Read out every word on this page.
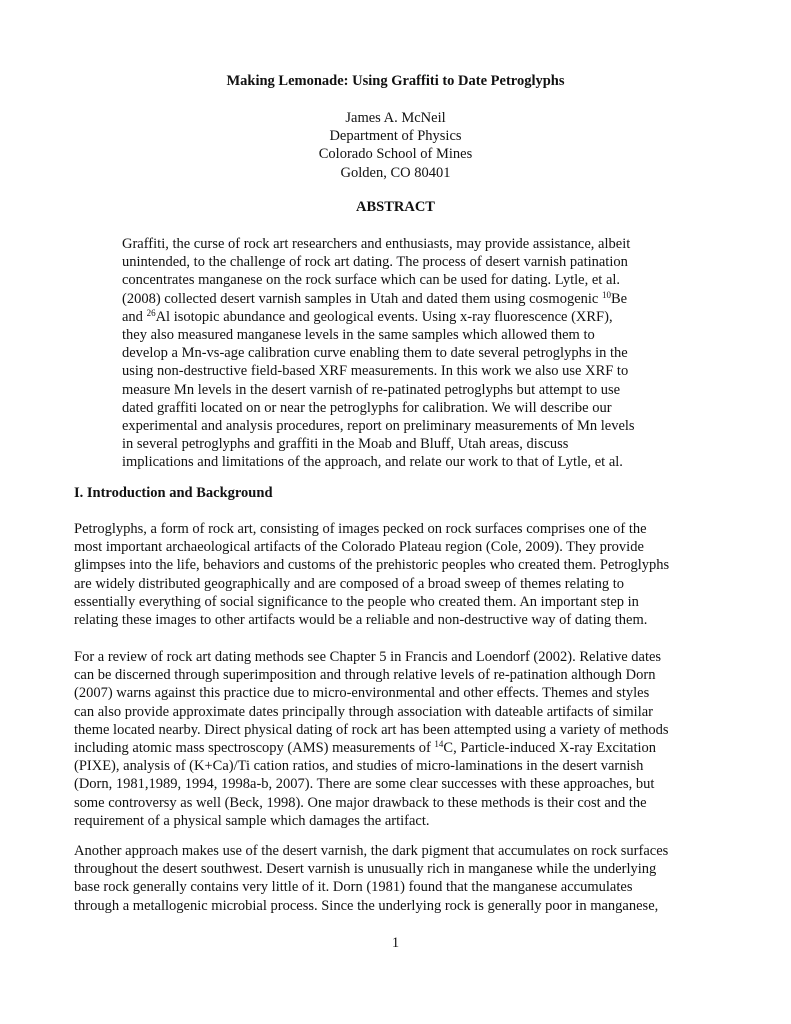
Making Lemonade: Using Graffiti to Date Petroglyphs
James A. McNeil
Department of Physics
Colorado School of Mines
Golden, CO 80401
ABSTRACT
Graffiti, the curse of rock art researchers and enthusiasts, may provide assistance, albeit
unintended, to the challenge of rock art dating. The process of desert varnish patination
concentrates manganese on the rock surface which can be used for dating. Lytle, et al.
(2008) collected desert varnish samples in Utah and dated them using cosmogenic $^{10}$Be
and $^{26}$Al isotopic abundance and geological events. Using x-ray fluorescence (XRF),
they also measured manganese levels in the same samples which allowed them to
develop a Mn-vs-age calibration curve enabling them to date several petroglyphs in the
using non-destructive field-based XRF measurements. In this work we also use XRF to
measure Mn levels in the desert varnish of re-patinated petroglyphs but attempt to use
dated graffiti located on or near the petroglyphs for calibration. We will describe our
experimental and analysis procedures, report on preliminary measurements of Mn levels
in several petroglyphs and graffiti in the Moab and Bluff, Utah areas, discuss
implications and limitations of the approach, and relate our work to that of Lytle, et al.
I. Introduction and Background
Petroglyphs, a form of rock art, consisting of images pecked on rock surfaces comprises one of the
most important archaeological artifacts of the Colorado Plateau region (Cole, 2009). They provide
glimpses into the life, behaviors and customs of the prehistoric peoples who created them. Petroglyphs
are widely distributed geographically and are composed of a broad sweep of themes relating to
essentially everything of social significance to the people who created them. An important step in
relating these images to other artifacts would be a reliable and non-destructive way of dating them.
For a review of rock art dating methods see Chapter 5 in Francis and Loendorf (2002). Relative dates
can be discerned through superimposition and through relative levels of re-patination although Dorn
(2007) warns against this practice due to micro-environmental and other effects. Themes and styles
can also provide approximate dates principally through association with dateable artifacts of similar
theme located nearby. Direct physical dating of rock art has been attempted using a variety of methods
including atomic mass spectroscopy (AMS) measurements of $^{14}$C, Particle-induced X-ray Excitation
(PIXE), analysis of (K+Ca)/Ti cation ratios, and studies of micro-laminations in the desert varnish
(Dorn, 1981,1989, 1994, 1998a-b, 2007). There are some clear successes with these approaches, but
some controversy as well (Beck, 1998). One major drawback to these methods is their cost and the
requirement of a physical sample which damages the artifact.
Another approach makes use of the desert varnish, the dark pigment that accumulates on rock surfaces
throughout the desert southwest. Desert varnish is unusually rich in manganese while the underlying
base rock generally contains very little of it. Dorn (1981) found that the manganese accumulates
through a metallogenic microbial process. Since the underlying rock is generally poor in manganese,
1
